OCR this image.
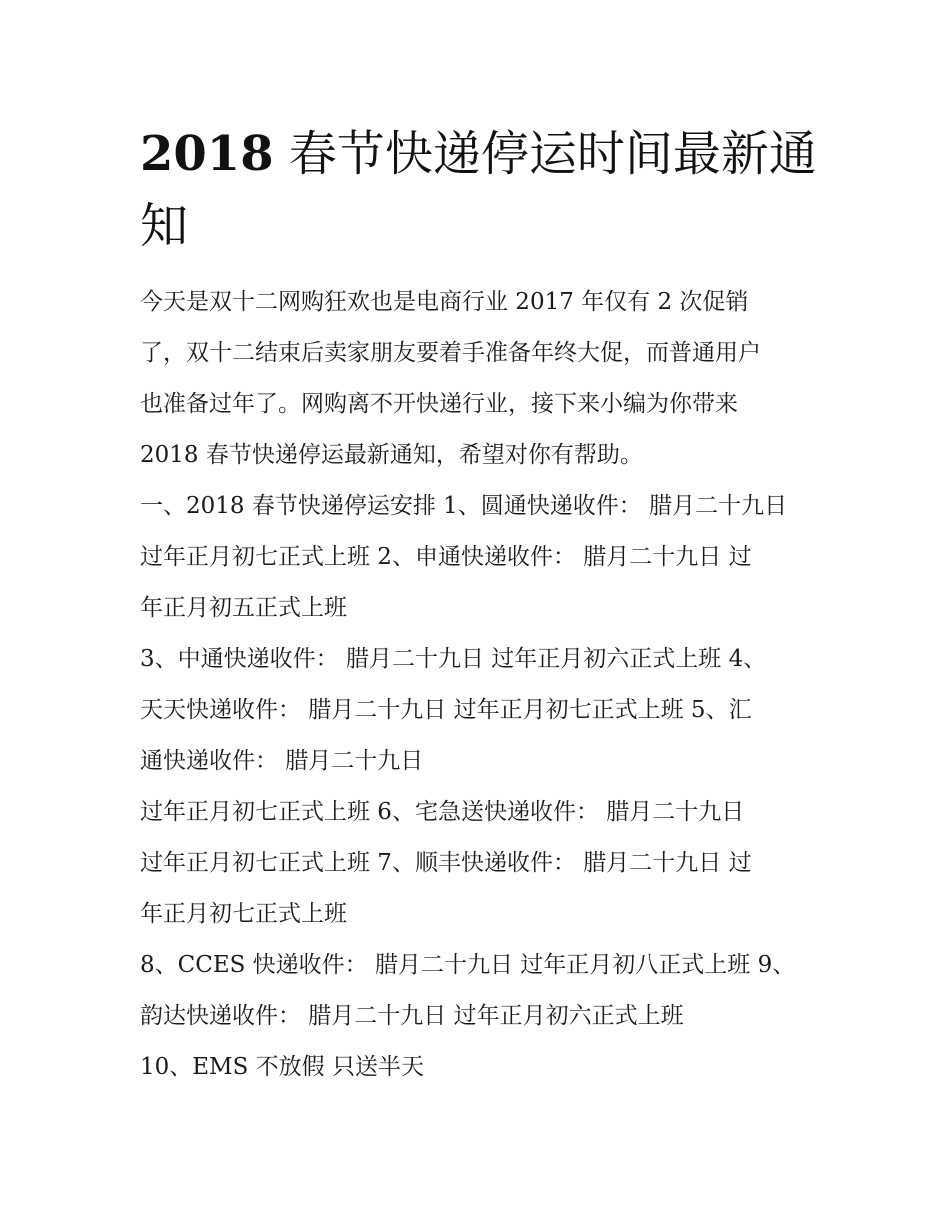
2018 春节快递停运时间最新通
知
今天是双十二网购狂欢也是电商行业 2017 年仅有 2 次促销
了，双十二结束后卖家朋友要着手准备年终大促，而普通用户
也准备过年了。网购离不开快递行业，接下来小编为你带来
2018 春节快递停运最新通知，希望对你有帮助。
一、2018 春节快递停运安排 1、圆通快递收件： 腊月二十九日
过年正月初七正式上班 2、申通快递收件： 腊月二十九日 过
年正月初五正式上班
3、中通快递收件： 腊月二十九日 过年正月初六正式上班 4、
天天快递收件： 腊月二十九日 过年正月初七正式上班 5、汇
通快递收件： 腊月二十九日
过年正月初七正式上班 6、宅急送快递收件： 腊月二十九日
过年正月初七正式上班 7、顺丰快递收件： 腊月二十九日 过
年正月初七正式上班
8、CCES 快递收件： 腊月二十九日 过年正月初八正式上班 9、
韵达快递收件： 腊月二十九日 过年正月初六正式上班
10、EMS 不放假 只送半天
